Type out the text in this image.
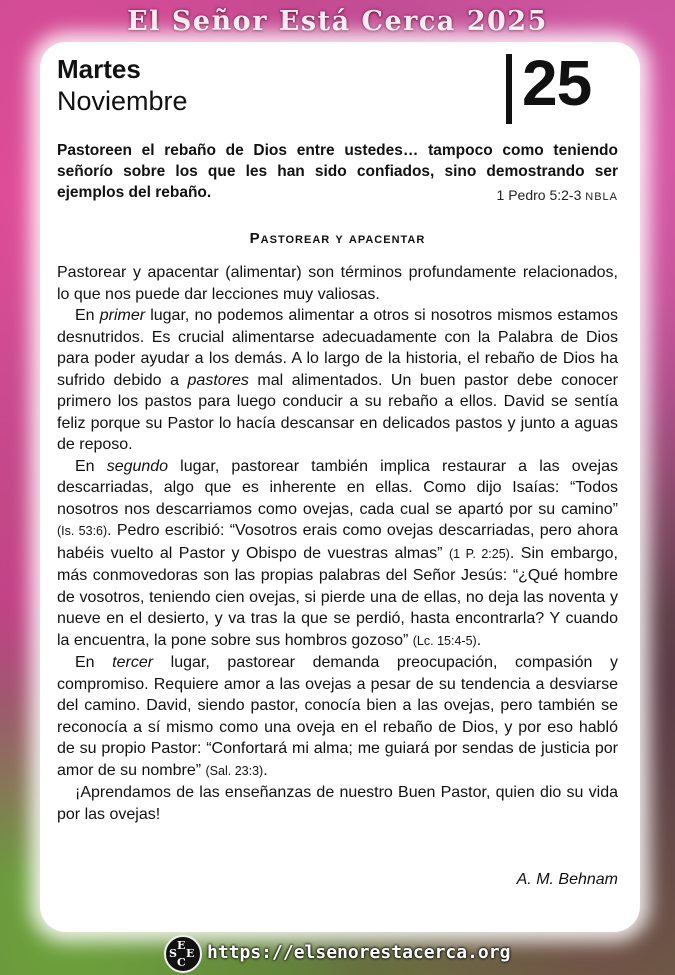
El Señor Está Cerca 2025
Martes
Noviembre	25
Pastoreen el rebaño de Dios entre ustedes… tampoco como teniendo señorío sobre los que les han sido confiados, sino demostrando ser ejemplos del rebaño.	1 Pedro 5:2-3 NBLA
Pastorear y apacentar

Pastorear y apacentar (alimentar) son términos profundamente relacionados, lo que nos puede dar lecciones muy valiosas.

En primer lugar, no podemos alimentar a otros si nosotros mismos estamos desnutridos. Es crucial alimentarse adecuadamente con la Palabra de Dios para poder ayudar a los demás. A lo largo de la historia, el rebaño de Dios ha sufrido debido a pastores mal alimentados. Un buen pastor debe conocer primero los pastos para luego conducir a su rebaño a ellos. David se sentía feliz porque su Pastor lo hacía descansar en delicados pastos y junto a aguas de reposo.

En segundo lugar, pastorear también implica restaurar a las ovejas descarriadas, algo que es inherente en ellas. Como dijo Isaías: “Todos nosotros nos descarriamos como ovejas, cada cual se apartó por su camino” (Is. 53:6). Pedro escribió: “Vosotros erais como ovejas descarriadas, pero ahora habéis vuelto al Pastor y Obispo de vuestras almas” (1 P. 2:25). Sin embargo, más conmovedoras son las propias palabras del Señor Jesús: “¿Qué hombre de vosotros, teniendo cien ovejas, si pierde una de ellas, no deja las noventa y nueve en el desierto, y va tras la que se perdió, hasta encontrarla? Y cuando la encuentra, la pone sobre sus hombros gozoso” (Lc. 15:4-5).

En tercer lugar, pastorear demanda preocupación, compasión y compromiso. Requiere amor a las ovejas a pesar de su tendencia a desviarse del camino. David, siendo pastor, conocía bien a las ovejas, pero también se reconocía a sí mismo como una oveja en el rebaño de Dios, y por eso habló de su propio Pastor: “Confortará mi alma; me guiará por sendas de justicia por amor de su nombre” (Sal. 23:3).

¡Aprendamos de las enseñanzas de nuestro Buen Pastor, quien dio su vida por las ovejas!

A. M. Behnam
E
S E
C https://elsenorestacerca.org
